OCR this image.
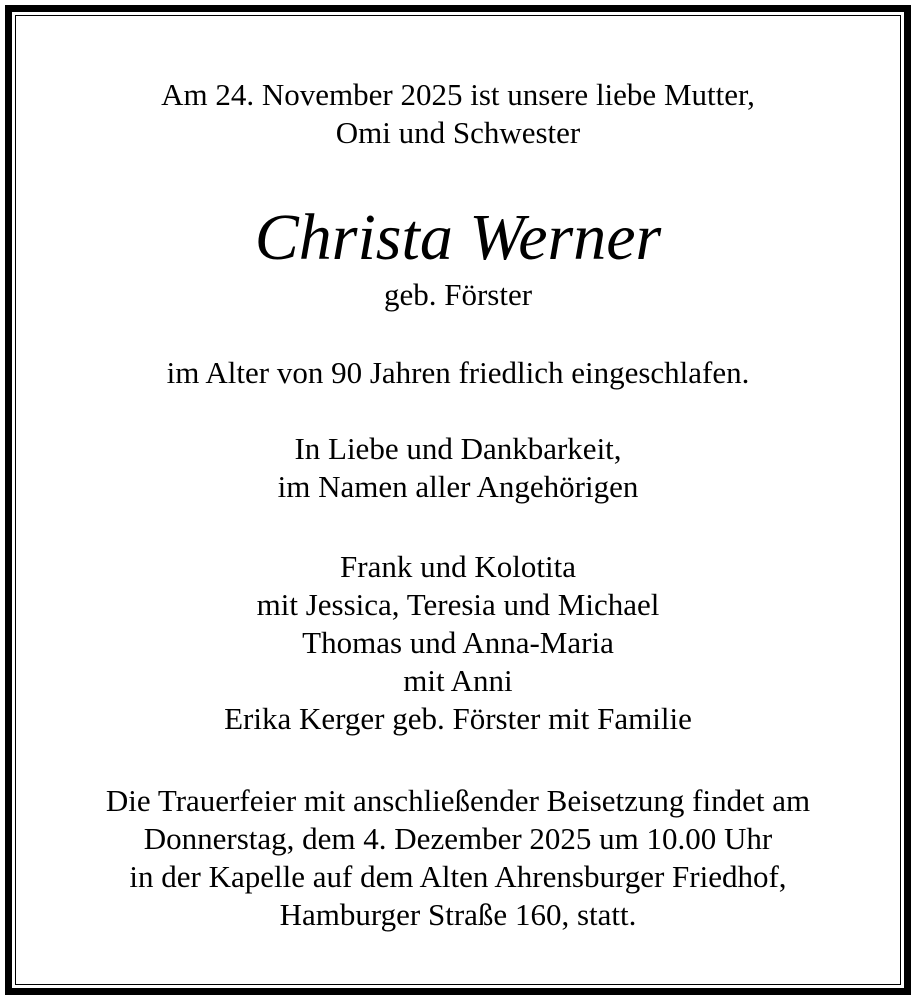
Am 24. November 2025 ist unsere liebe Mutter,
Omi und Schwester
Christa Werner
geb. Förster
im Alter von 90 Jahren friedlich eingeschlafen.
In Liebe und Dankbarkeit,
im Namen aller Angehörigen
Frank und Kolotita
mit Jessica, Teresia und Michael
Thomas und Anna-Maria
mit Anni
Erika Kerger geb. Förster mit Familie
Die Trauerfeier mit anschließender Beisetzung findet am
Donnerstag, dem 4. Dezember 2025 um 10.00 Uhr
in der Kapelle auf dem Alten Ahrensburger Friedhof,
Hamburger Straße 160, statt.
